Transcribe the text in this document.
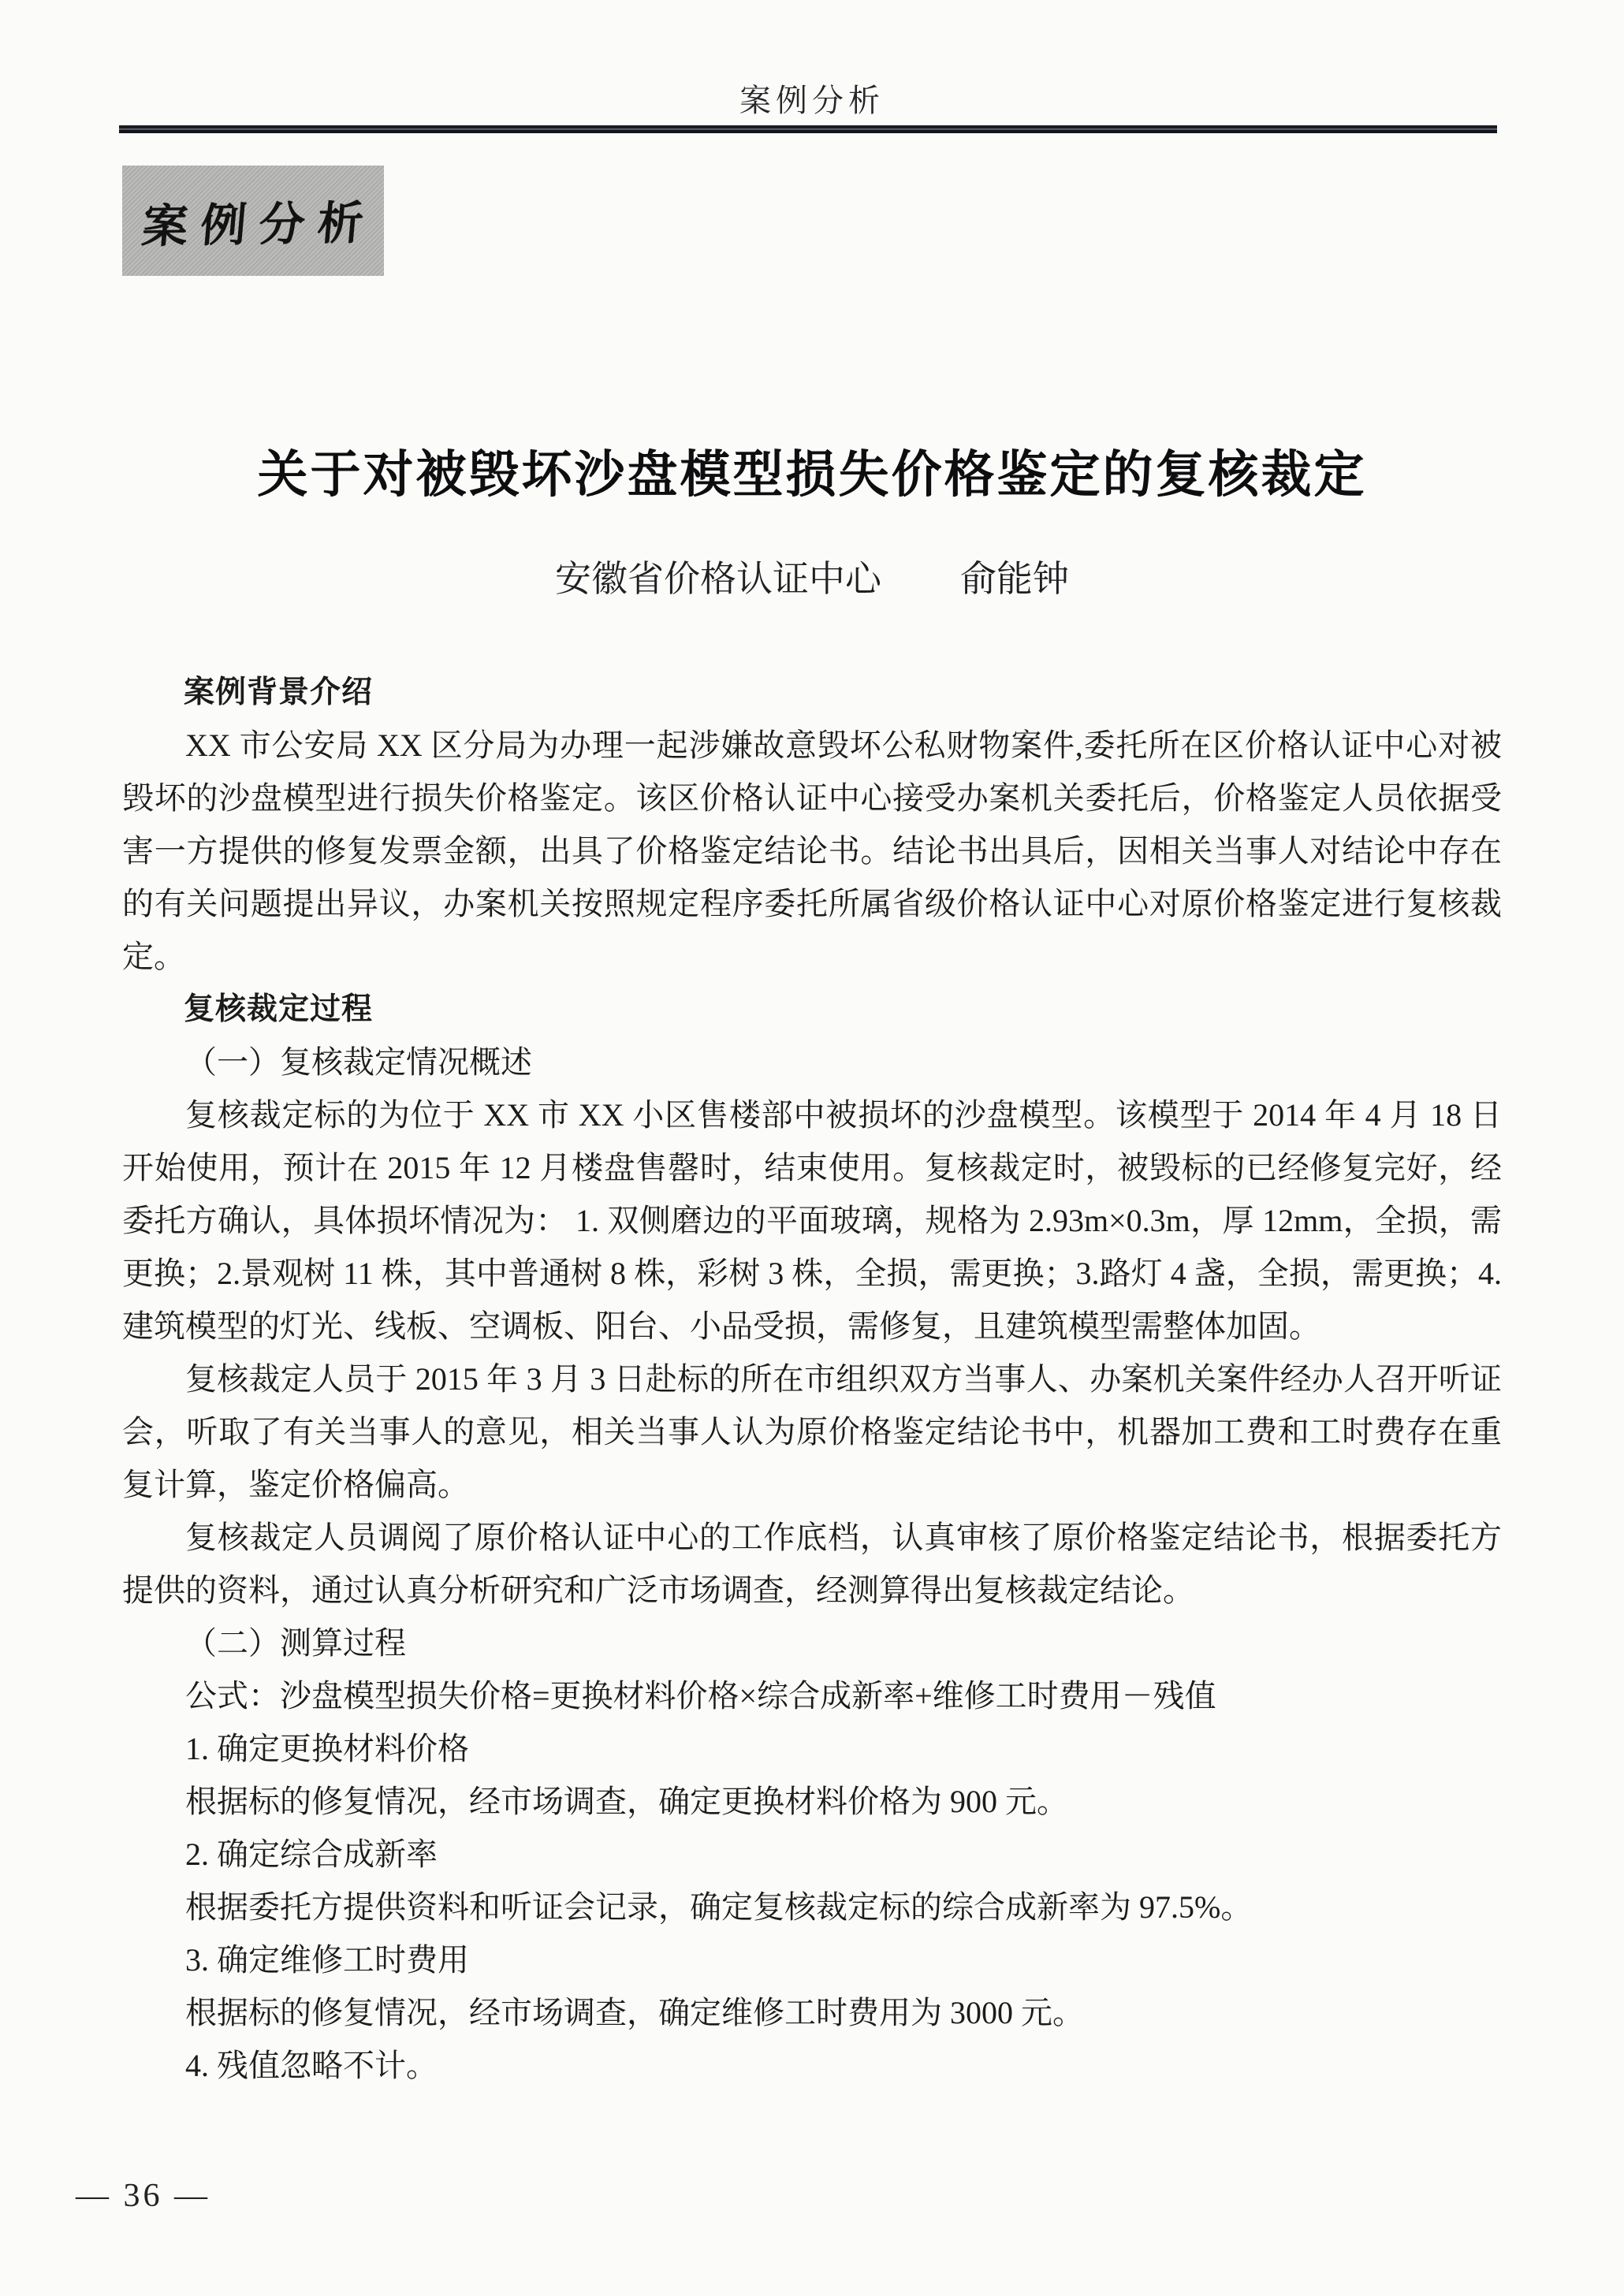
案例分析
案例分析
关于对被毁坏沙盘模型损失价格鉴定的复核裁定
安徽省价格认证中心 俞能钟

案例背景介绍

XX 市公安局 XX 区分局为办理一起涉嫌故意毁坏公私财物案件,委托所在区价格认证中心对被毁坏的沙盘模型进行损失价格鉴定。该区价格认证中心接受办案机关委托后，价格鉴定人员依据受害一方提供的修复发票金额，出具了价格鉴定结论书。结论书出具后，因相关当事人对结论中存在的有关问题提出异议，办案机关按照规定程序委托所属省级价格认证中心对原价格鉴定进行复核裁定。

复核裁定过程

（一）复核裁定情况概述

复核裁定标的为位于 XX 市 XX 小区售楼部中被损坏的沙盘模型。该模型于 2014 年 4 月 18 日开始使用，预计在 2015 年 12 月楼盘售罄时，结束使用。复核裁定时，被毁标的已经修复完好，经委托方确认，具体损坏情况为： 1. 双侧磨边的平面玻璃，规格为 2.93m×0.3m，厚 12mm，全损，需更换；2.景观树 11 株，其中普通树 8 株，彩树 3 株，全损，需更换；3.路灯 4 盏，全损，需更换；4.建筑模型的灯光、线板、空调板、阳台、小品受损，需修复，且建筑模型需整体加固。

复核裁定人员于 2015 年 3 月 3 日赴标的所在市组织双方当事人、办案机关案件经办人召开听证会，听取了有关当事人的意见，相关当事人认为原价格鉴定结论书中，机器加工费和工时费存在重复计算，鉴定价格偏高。

复核裁定人员调阅了原价格认证中心的工作底档，认真审核了原价格鉴定结论书，根据委托方提供的资料，通过认真分析研究和广泛市场调查，经测算得出复核裁定结论。

（二）测算过程

公式：沙盘模型损失价格=更换材料价格×综合成新率+维修工时费用－残值

1. 确定更换材料价格

根据标的修复情况，经市场调查，确定更换材料价格为 900 元。

2. 确定综合成新率

根据委托方提供资料和听证会记录，确定复核裁定标的综合成新率为 97.5%。

3. 确定维修工时费用

根据标的修复情况，经市场调查，确定维修工时费用为 3000 元。

4. 残值忽略不计。

— 36 —
